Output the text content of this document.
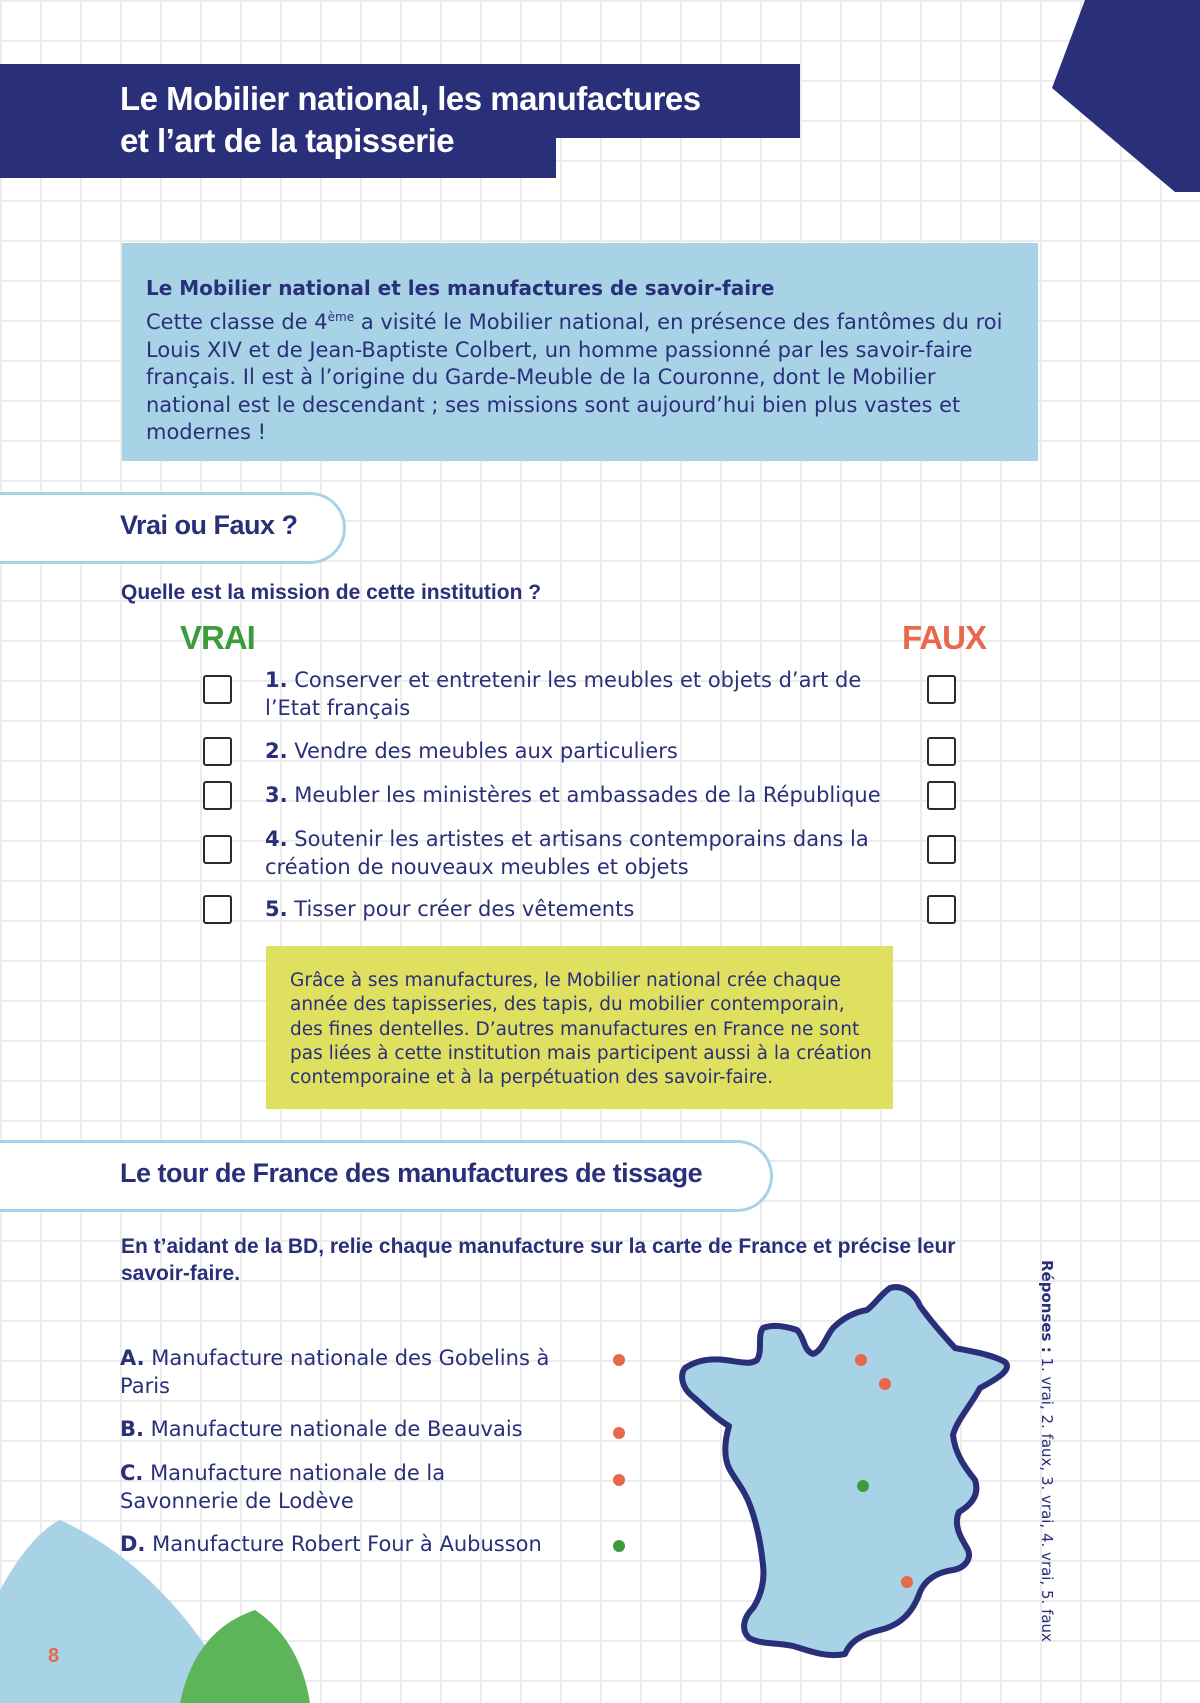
Le Mobilier national, les manufactures
et l’art de la tapisserie
Le Mobilier national et les manufactures de savoir-faire
Cette classe de 4ème a visité le Mobilier national, en présence des fantômes du roi Louis XIV et de Jean-Baptiste Colbert, un homme passionné par les savoir-faire français. Il est à l’origine du Garde-Meuble de la Couronne, dont le Mobilier national est le descendant ; ses missions sont aujourd’hui bien plus vastes et modernes !
Vrai ou Faux ?
Quelle est la mission de cette institution ?
VRAI	FAUX
1. Conserver et entretenir les meubles et objets d’art de l’Etat français
2. Vendre des meubles aux particuliers
3. Meubler les ministères et ambassades de la République
4. Soutenir les artistes et artisans contemporains dans la création de nouveaux meubles et objets
5. Tisser pour créer des vêtements
Grâce à ses manufactures, le Mobilier national crée chaque année des tapisseries, des tapis, du mobilier contemporain, des fines dentelles. D’autres manufactures en France ne sont pas liées à cette institution mais participent aussi à la création contemporaine et à la perpétuation des savoir-faire.
Le tour de France des manufactures de tissage
En t’aidant de la BD, relie chaque manufacture sur la carte de France et précise leur savoir-faire.
A. Manufacture nationale des Gobelins à Paris
B. Manufacture nationale de Beauvais
C. Manufacture nationale de la Savonnerie de Lodève
D. Manufacture Robert Four à Aubusson
Réponses : 1. vrai, 2. faux, 3. vrai, 4. vrai, 5. faux
8
